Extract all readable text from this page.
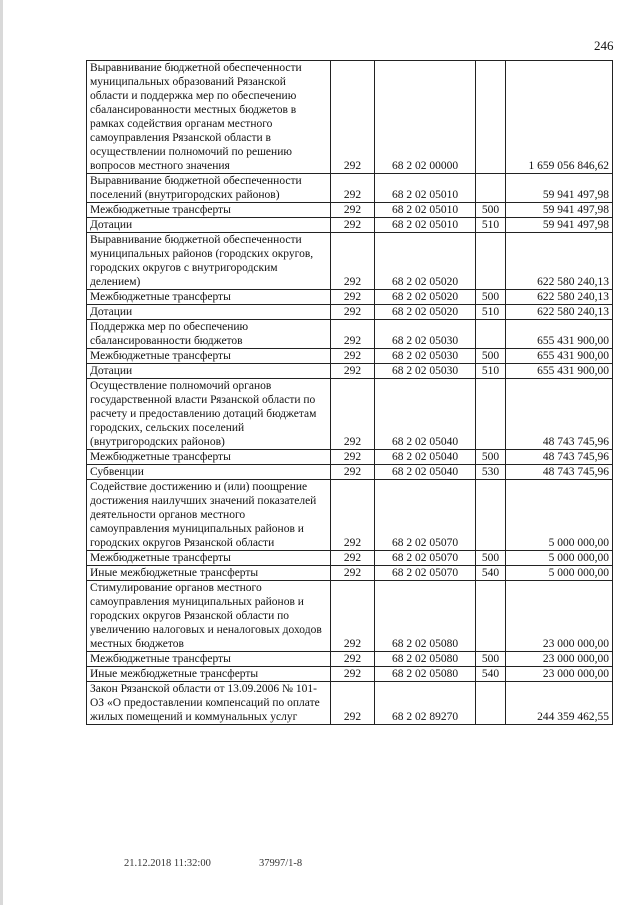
246
Выравнивание бюджетной обеспеченности муниципальных образований Рязанской области и поддержка мер по обеспечению сбалансированности местных бюджетов в рамках содействия органам местного самоуправления Рязанской области в осуществлении полномочий по решению вопросов местного значения	292	68 2 02 00000		1 659 056 846,62
Выравнивание бюджетной обеспеченности поселений (внутригородских районов)	292	68 2 02 05010		59 941 497,98
Межбюджетные трансферты	292	68 2 02 05010	500	59 941 497,98
Дотации	292	68 2 02 05010	510	59 941 497,98
Выравнивание бюджетной обеспеченности муниципальных районов (городских округов, городских округов с внутригородским делением)	292	68 2 02 05020		622 580 240,13
Межбюджетные трансферты	292	68 2 02 05020	500	622 580 240,13
Дотации	292	68 2 02 05020	510	622 580 240,13
Поддержка мер по обеспечению сбалансированности бюджетов	292	68 2 02 05030		655 431 900,00
Межбюджетные трансферты	292	68 2 02 05030	500	655 431 900,00
Дотации	292	68 2 02 05030	510	655 431 900,00
Осуществление полномочий органов государственной власти Рязанской области по расчету и предоставлению дотаций бюджетам городских, сельских поселений (внутригородских районов)	292	68 2 02 05040		48 743 745,96
Межбюджетные трансферты	292	68 2 02 05040	500	48 743 745,96
Субвенции	292	68 2 02 05040	530	48 743 745,96
Содействие достижению и (или) поощрение достижения наилучших значений показателей деятельности органов местного самоуправления муниципальных районов и городских округов Рязанской области	292	68 2 02 05070		5 000 000,00
Межбюджетные трансферты	292	68 2 02 05070	500	5 000 000,00
Иные межбюджетные трансферты	292	68 2 02 05070	540	5 000 000,00
Стимулирование органов местного самоуправления муниципальных районов и городских округов Рязанской области по увеличению налоговых и неналоговых доходов местных бюджетов	292	68 2 02 05080		23 000 000,00
Межбюджетные трансферты	292	68 2 02 05080	500	23 000 000,00
Иные межбюджетные трансферты	292	68 2 02 05080	540	23 000 000,00
Закон Рязанской области от 13.09.2006 № 101-ОЗ «О предоставлении компенсаций по оплате жилых помещений и коммунальных услуг	292	68 2 02 89270		244 359 462,55
21.12.2018 11:32:00	37997/1-8
